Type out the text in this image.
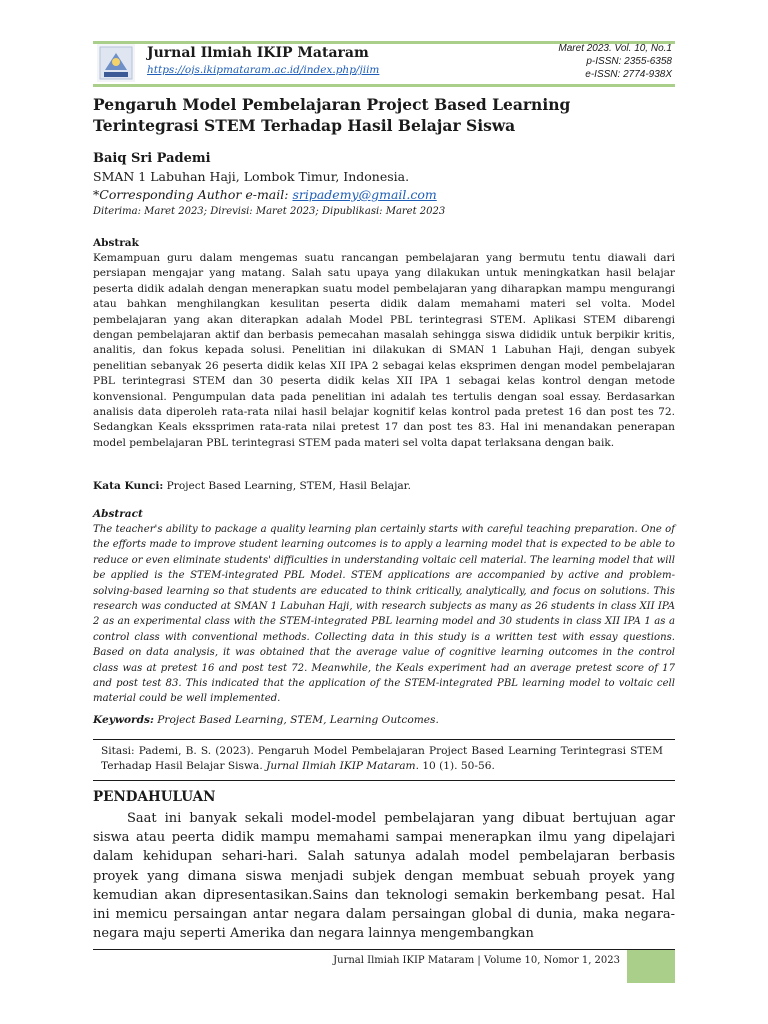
Jurnal Ilmiah IKIP Mataram
https://ojs.ikipmataram.ac.id/index.php/jiim
Maret 2023. Vol. 10, No.1
p-ISSN: 2355-6358
e-ISSN: 2774-938X
Pengaruh Model Pembelajaran Project Based Learning Terintegrasi STEM Terhadap Hasil Belajar Siswa
Baiq Sri Pademi
SMAN 1 Labuhan Haji, Lombok Timur, Indonesia.
*Corresponding Author e-mail: sripademy@gmail.com
Diterima: Maret 2023; Direvisi: Maret 2023; Dipublikasi: Maret 2023

Abstrak

Kemampuan guru dalam mengemas suatu rancangan pembelajaran yang bermutu tentu diawali dari persiapan mengajar yang matang. Salah satu upaya yang dilakukan untuk meningkatkan hasil belajar peserta didik adalah dengan menerapkan suatu model pembelajaran yang diharapkan mampu mengurangi atau bahkan menghilangkan kesulitan peserta didik dalam memahami materi sel volta. Model pembelajaran yang akan diterapkan adalah Model PBL terintegrasi STEM. Aplikasi STEM dibarengi dengan pembelajaran aktif dan berbasis pemecahan masalah sehingga siswa dididik untuk berpikir kritis, analitis, dan fokus kepada solusi. Penelitian ini dilakukan di SMAN 1 Labuhan Haji, dengan subyek penelitian sebanyak 26 peserta didik kelas XII IPA 2 sebagai kelas eksprimen dengan model pembelajaran PBL terintegrasi STEM dan 30 peserta didik kelas XII IPA 1 sebagai kelas kontrol dengan metode konvensional. Pengumpulan data pada penelitian ini adalah tes tertulis dengan soal essay. Berdasarkan analisis data diperoleh rata-rata nilai hasil belajar kognitif kelas kontrol pada pretest 16 dan post tes 72. Sedangkan Keals ekssprimen rata-rata nilai pretest 17 dan post tes 83. Hal ini menandakan penerapan model pembelajaran PBL terintegrasi STEM pada materi sel volta dapat terlaksana dengan baik.

Kata Kunci: Project Based Learning, STEM, Hasil Belajar.

Abstract

The teacher's ability to package a quality learning plan certainly starts with careful teaching preparation. One of the efforts made to improve student learning outcomes is to apply a learning model that is expected to be able to reduce or even eliminate students' difficulties in understanding voltaic cell material. The learning model that will be applied is the STEM-integrated PBL Model. STEM applications are accompanied by active and problem-solving-based learning so that students are educated to think critically, analytically, and focus on solutions. This research was conducted at SMAN 1 Labuhan Haji, with research subjects as many as 26 students in class XII IPA 2 as an experimental class with the STEM-integrated PBL learning model and 30 students in class XII IPA 1 as a control class with conventional methods. Collecting data in this study is a written test with essay questions. Based on data analysis, it was obtained that the average value of cognitive learning outcomes in the control class was at pretest 16 and post test 72. Meanwhile, the Keals experiment had an average pretest score of 17 and post test 83. This indicated that the application of the STEM-integrated PBL learning model to voltaic cell material could be well implemented.

Keywords: Project Based Learning, STEM, Learning Outcomes.

Sitasi: Pademi, B. S. (2023). Pengaruh Model Pembelajaran Project Based Learning Terintegrasi STEM Terhadap Hasil Belajar Siswa. Jurnal Ilmiah IKIP Mataram. 10 (1). 50-56.

PENDAHULUAN

Saat ini banyak sekali model-model pembelajaran yang dibuat bertujuan agar siswa atau peerta didik mampu memahami sampai menerapkan ilmu yang dipelajari dalam kehidupan sehari-hari. Salah satunya adalah model pembelajaran berbasis proyek yang dimana siswa menjadi subjek dengan membuat sebuah proyek yang kemudian akan dipresentasikan.Sains dan teknologi semakin berkembang pesat. Hal ini memicu persaingan antar negara dalam persaingan global di dunia, maka negara- negara maju seperti Amerika dan negara lainnya mengembangkan

Jurnal Ilmiah IKIP Mataram | Volume 10, Nomor 1, 2023
